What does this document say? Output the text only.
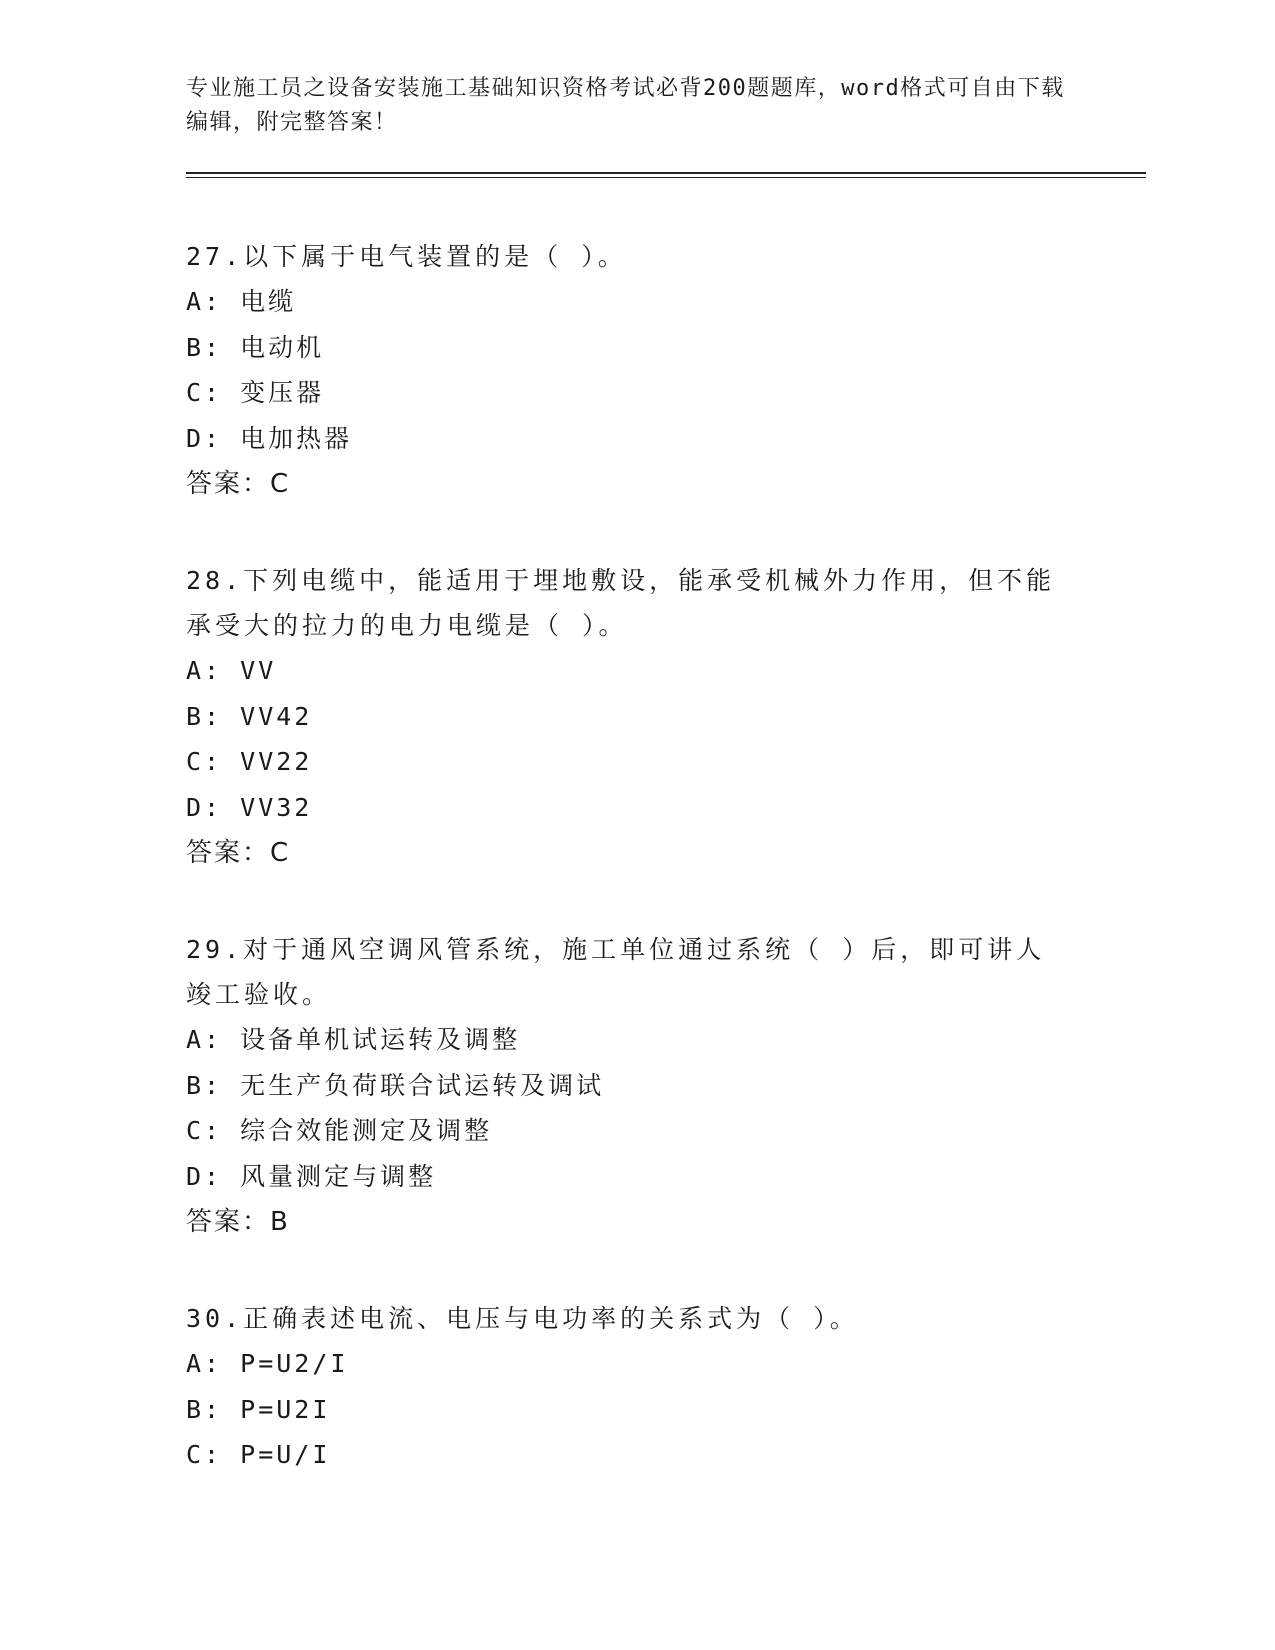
专业施工员之设备安装施工基础知识资格考试必背200题题库，word格式可自由下载编辑，附完整答案！

27.以下属于电气装置的是（ ）。

A: 电缆

B: 电动机

C: 变压器

D: 电加热器

答案：C

28.下列电缆中，能适用于埋地敷设，能承受机械外力作用，但不能承受大的拉力的电力电缆是（ ）。

A: VV

B: VV42

C: VV22

D: VV32

答案：C

29.对于通风空调风管系统，施工单位通过系统（ ）后，即可讲人竣工验收。

A: 设备单机试运转及调整

B: 无生产负荷联合试运转及调试

C: 综合效能测定及调整

D: 风量测定与调整

答案：B

30.正确表述电流、电压与电功率的关系式为（ ）。

A: P=U2/I

B: P=U2I

C: P=U/I
